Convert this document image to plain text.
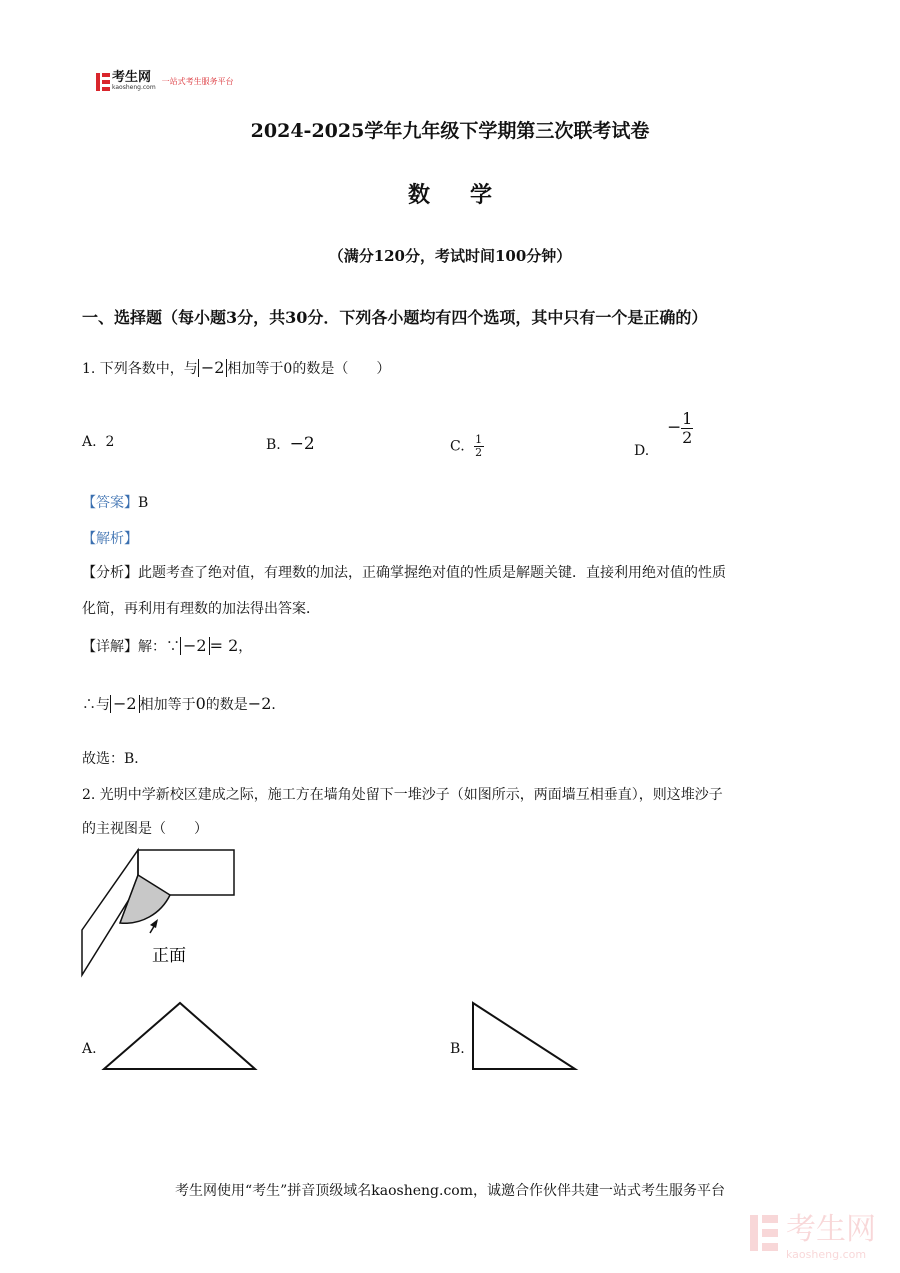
考生网
kaosheng.com
一站式考生服务平台
2024-2025学年九年级下学期第三次联考试卷
数学
（满分120分，考试时间100分钟）
一、选择题（每小题3分，共30分．下列各小题均有四个选项，其中只有一个是正确的）
1. 下列各数中，与 −2 相加等于0的数是（　　）
A. 2	B. −2	C. $\frac{1}{2}$	D.    − $\frac{1}{2}$
【答案】B
【解析】
【分析】此题考查了绝对值，有理数的加法，正确掌握绝对值的性质是解题关键．直接利用绝对值的性质
化简，再利用有理数的加法得出答案．
【详解】解：∵ −2 = 2，
∴与 −2 相加等于0的数是−2．
故选：B．
2. 光明中学新校区建成之际，施工方在墙角处留下一堆沙子（如图所示，两面墙互相垂直），则这堆沙子
的主视图是（　　）
正面
A.	B.
考生网使用“考生”拼音顶级域名kaosheng.com，诚邀合作伙伴共建一站式考生服务平台
考生网
kaosheng.com
